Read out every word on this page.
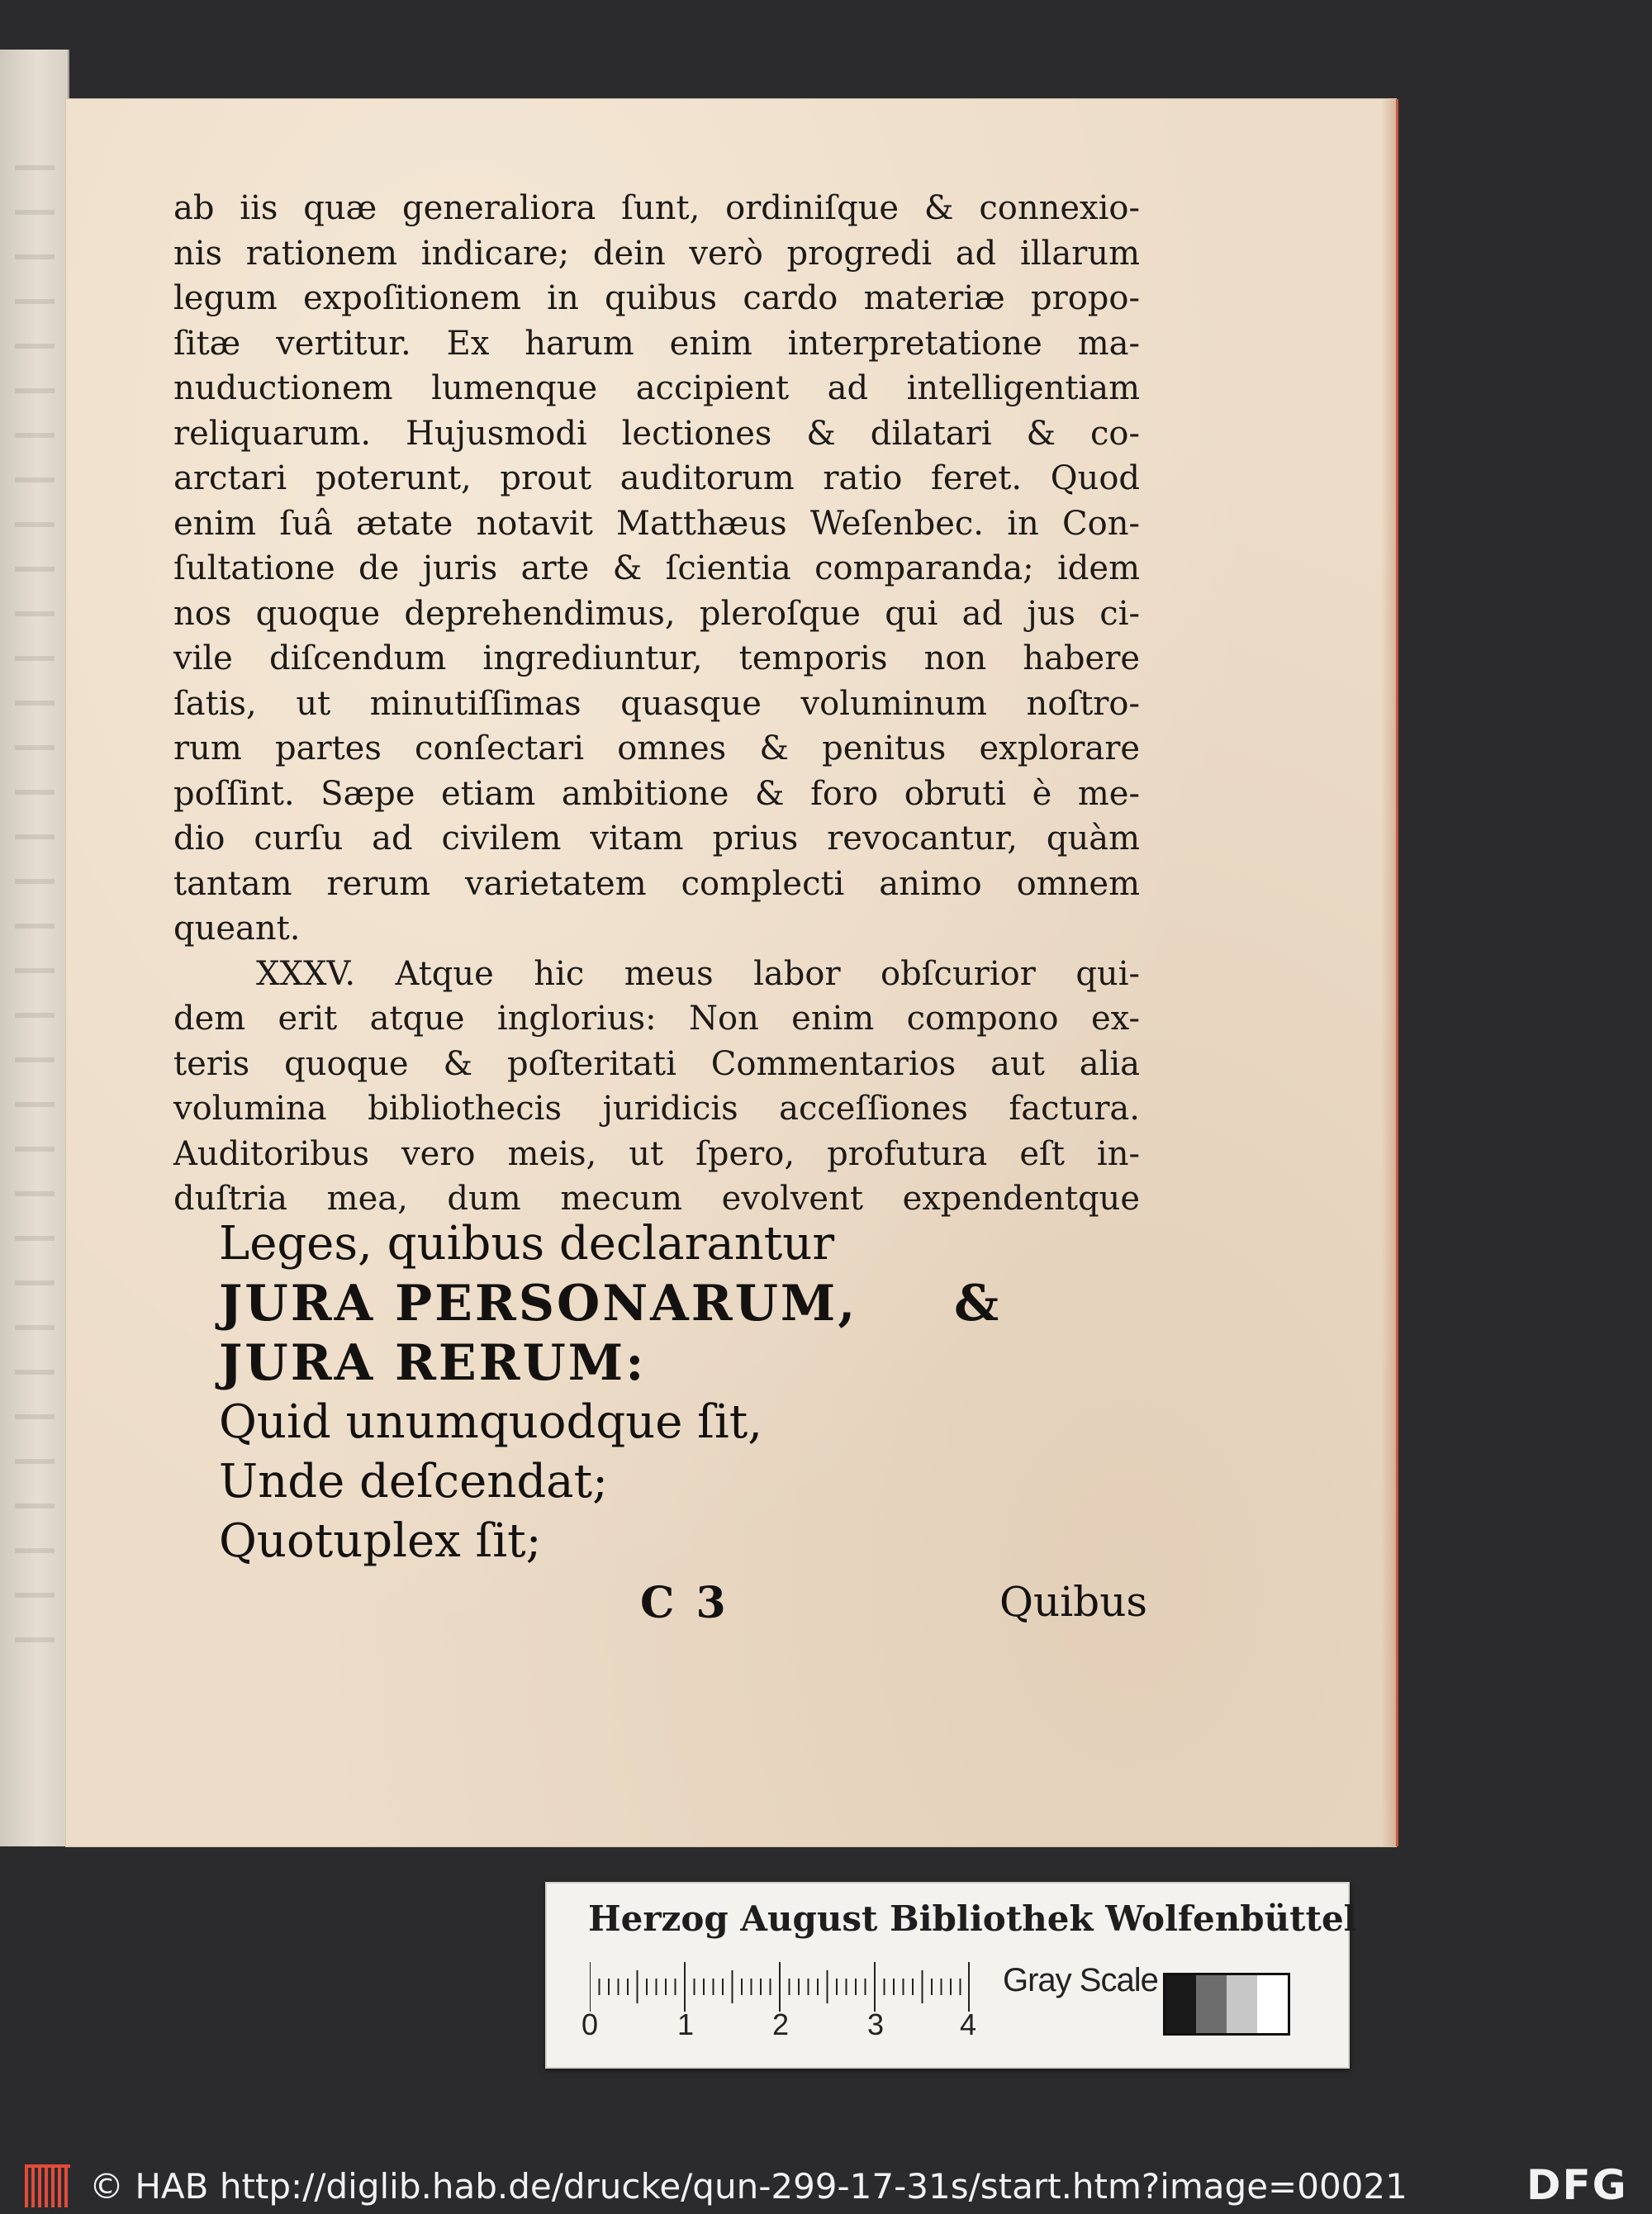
ab iis quæ generaliora ſunt, ordiniſque & connexio-
nis rationem indicare; dein verò progredi ad illarum
legum expoſitionem in quibus cardo materiæ propo-
ſitæ vertitur. Ex harum enim interpretatione ma-
nuductionem lumenque accipient ad intelligentiam
reliquarum. Hujusmodi lectiones & dilatari & co-
arctari poterunt, prout auditorum ratio feret. Quod
enim ſuâ ætate notavit Matthæus Weſenbec. in Con-
ſultatione de juris arte & ſcientia comparanda; idem
nos quoque deprehendimus, pleroſque qui ad jus ci-
vile diſcendum ingrediuntur, temporis non habere
ſatis, ut minutiſſimas quasque voluminum noſtro-
rum partes conſectari omnes & penitus explorare
poſſint. Sæpe etiam ambitione & foro obruti è me-
dio curſu ad civilem vitam prius revocantur, quàm
tantam rerum varietatem complecti animo omnem
queant.
XXXV. Atque hic meus labor obſcurior qui-
dem erit atque inglorius: Non enim compono ex-
teris quoque & poſteritati Commentarios aut alia
volumina bibliothecis juridicis acceſſiones factura.
Auditoribus vero meis, ut ſpero, profutura eſt in-
duſtria mea, dum mecum evolvent expendentque
Leges, quibus declarantur
JURA PERSONARUM, &
JURA RERUM:
Quid unumquodque ſit,
Unde deſcendat;
Quotuplex ſit;
C 3	Quibus
Herzog August Bibliothek Wolfenbüttel
0	1	2	3	4
Gray Scale
© HAB http://diglib.hab.de/drucke/qun-299-17-31s/start.htm?image=00021	DFG
